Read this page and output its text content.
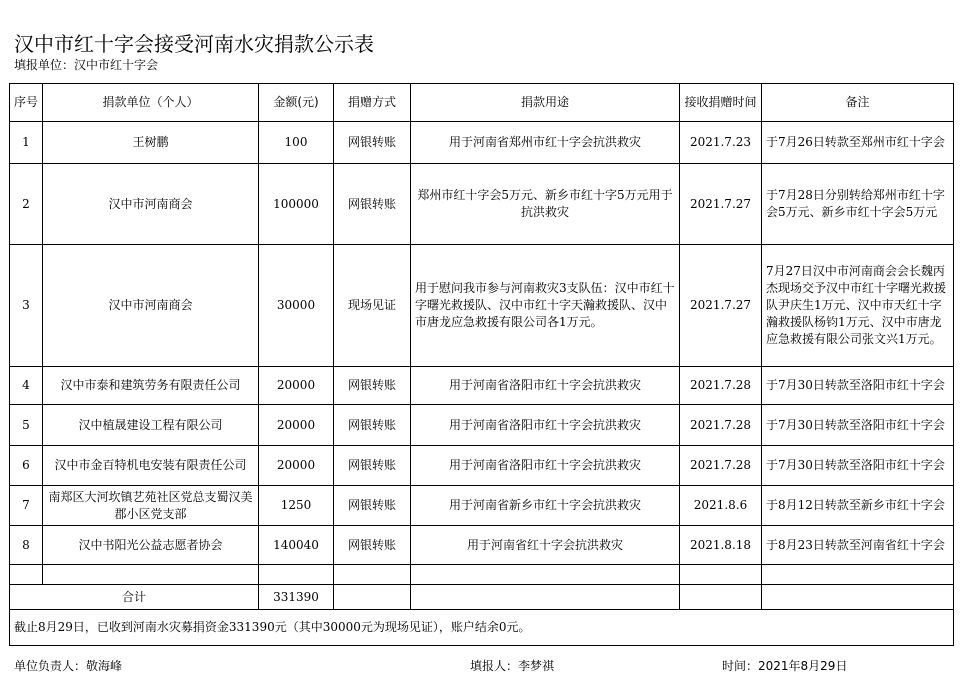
汉中市红十字会接受河南水灾捐款公示表
填报单位：汉中市红十字会
序号	捐款单位（个人）	金额(元)	捐赠方式	捐款用途	接收捐赠时间	备注
1	王树鹏	100	网银转账	用于河南省郑州市红十字会抗洪救灾	2021.7.23	于7月26日转款至郑州市红十字会
2	汉中市河南商会	100000	网银转账	郑州市红十字会5万元、新乡市红十字5万元用于抗洪救灾	2021.7.27	于7月28日分别转给郑州市红十字会5万元、新乡市红十字会5万元
3	汉中市河南商会	30000	现场见证	用于慰问我市参与河南救灾3支队伍：汉中市红十字曙光救援队、汉中市红十字天瀚救援队、汉中市唐龙应急救援有限公司各1万元。	2021.7.27	7月27日汉中市河南商会会长魏丙杰现场交予汉中市红十字曙光救援队尹庆生1万元、汉中市天红十字瀚救援队杨钧1万元、汉中市唐龙应急救援有限公司张文兴1万元。
4	汉中市泰和建筑劳务有限责任公司	20000	网银转账	用于河南省洛阳市红十字会抗洪救灾	2021.7.28	于7月30日转款至洛阳市红十字会
5	汉中植晟建设工程有限公司	20000	网银转账	用于河南省洛阳市红十字会抗洪救灾	2021.7.28	于7月30日转款至洛阳市红十字会
6	汉中市金百特机电安装有限责任公司	20000	网银转账	用于河南省洛阳市红十字会抗洪救灾	2021.7.28	于7月30日转款至洛阳市红十字会
7	南郑区大河坎镇艺苑社区党总支蜀汉美郡小区党支部	1250	网银转账	用于河南省新乡市红十字会抗洪救灾	2021.8.6	于8月12日转款至新乡市红十字会
8	汉中书阳光公益志愿者协会	140040	网银转账	用于河南省红十字会抗洪救灾	2021.8.18	于8月23日转款至河南省红十字会

合计		331390				
截止8月29日，已收到河南水灾募捐资金331390元（其中30000元为现场见证），账户结余0元。						
单位负责人：敬海峰	填报人：李梦祺	时间：2021年8月29日
